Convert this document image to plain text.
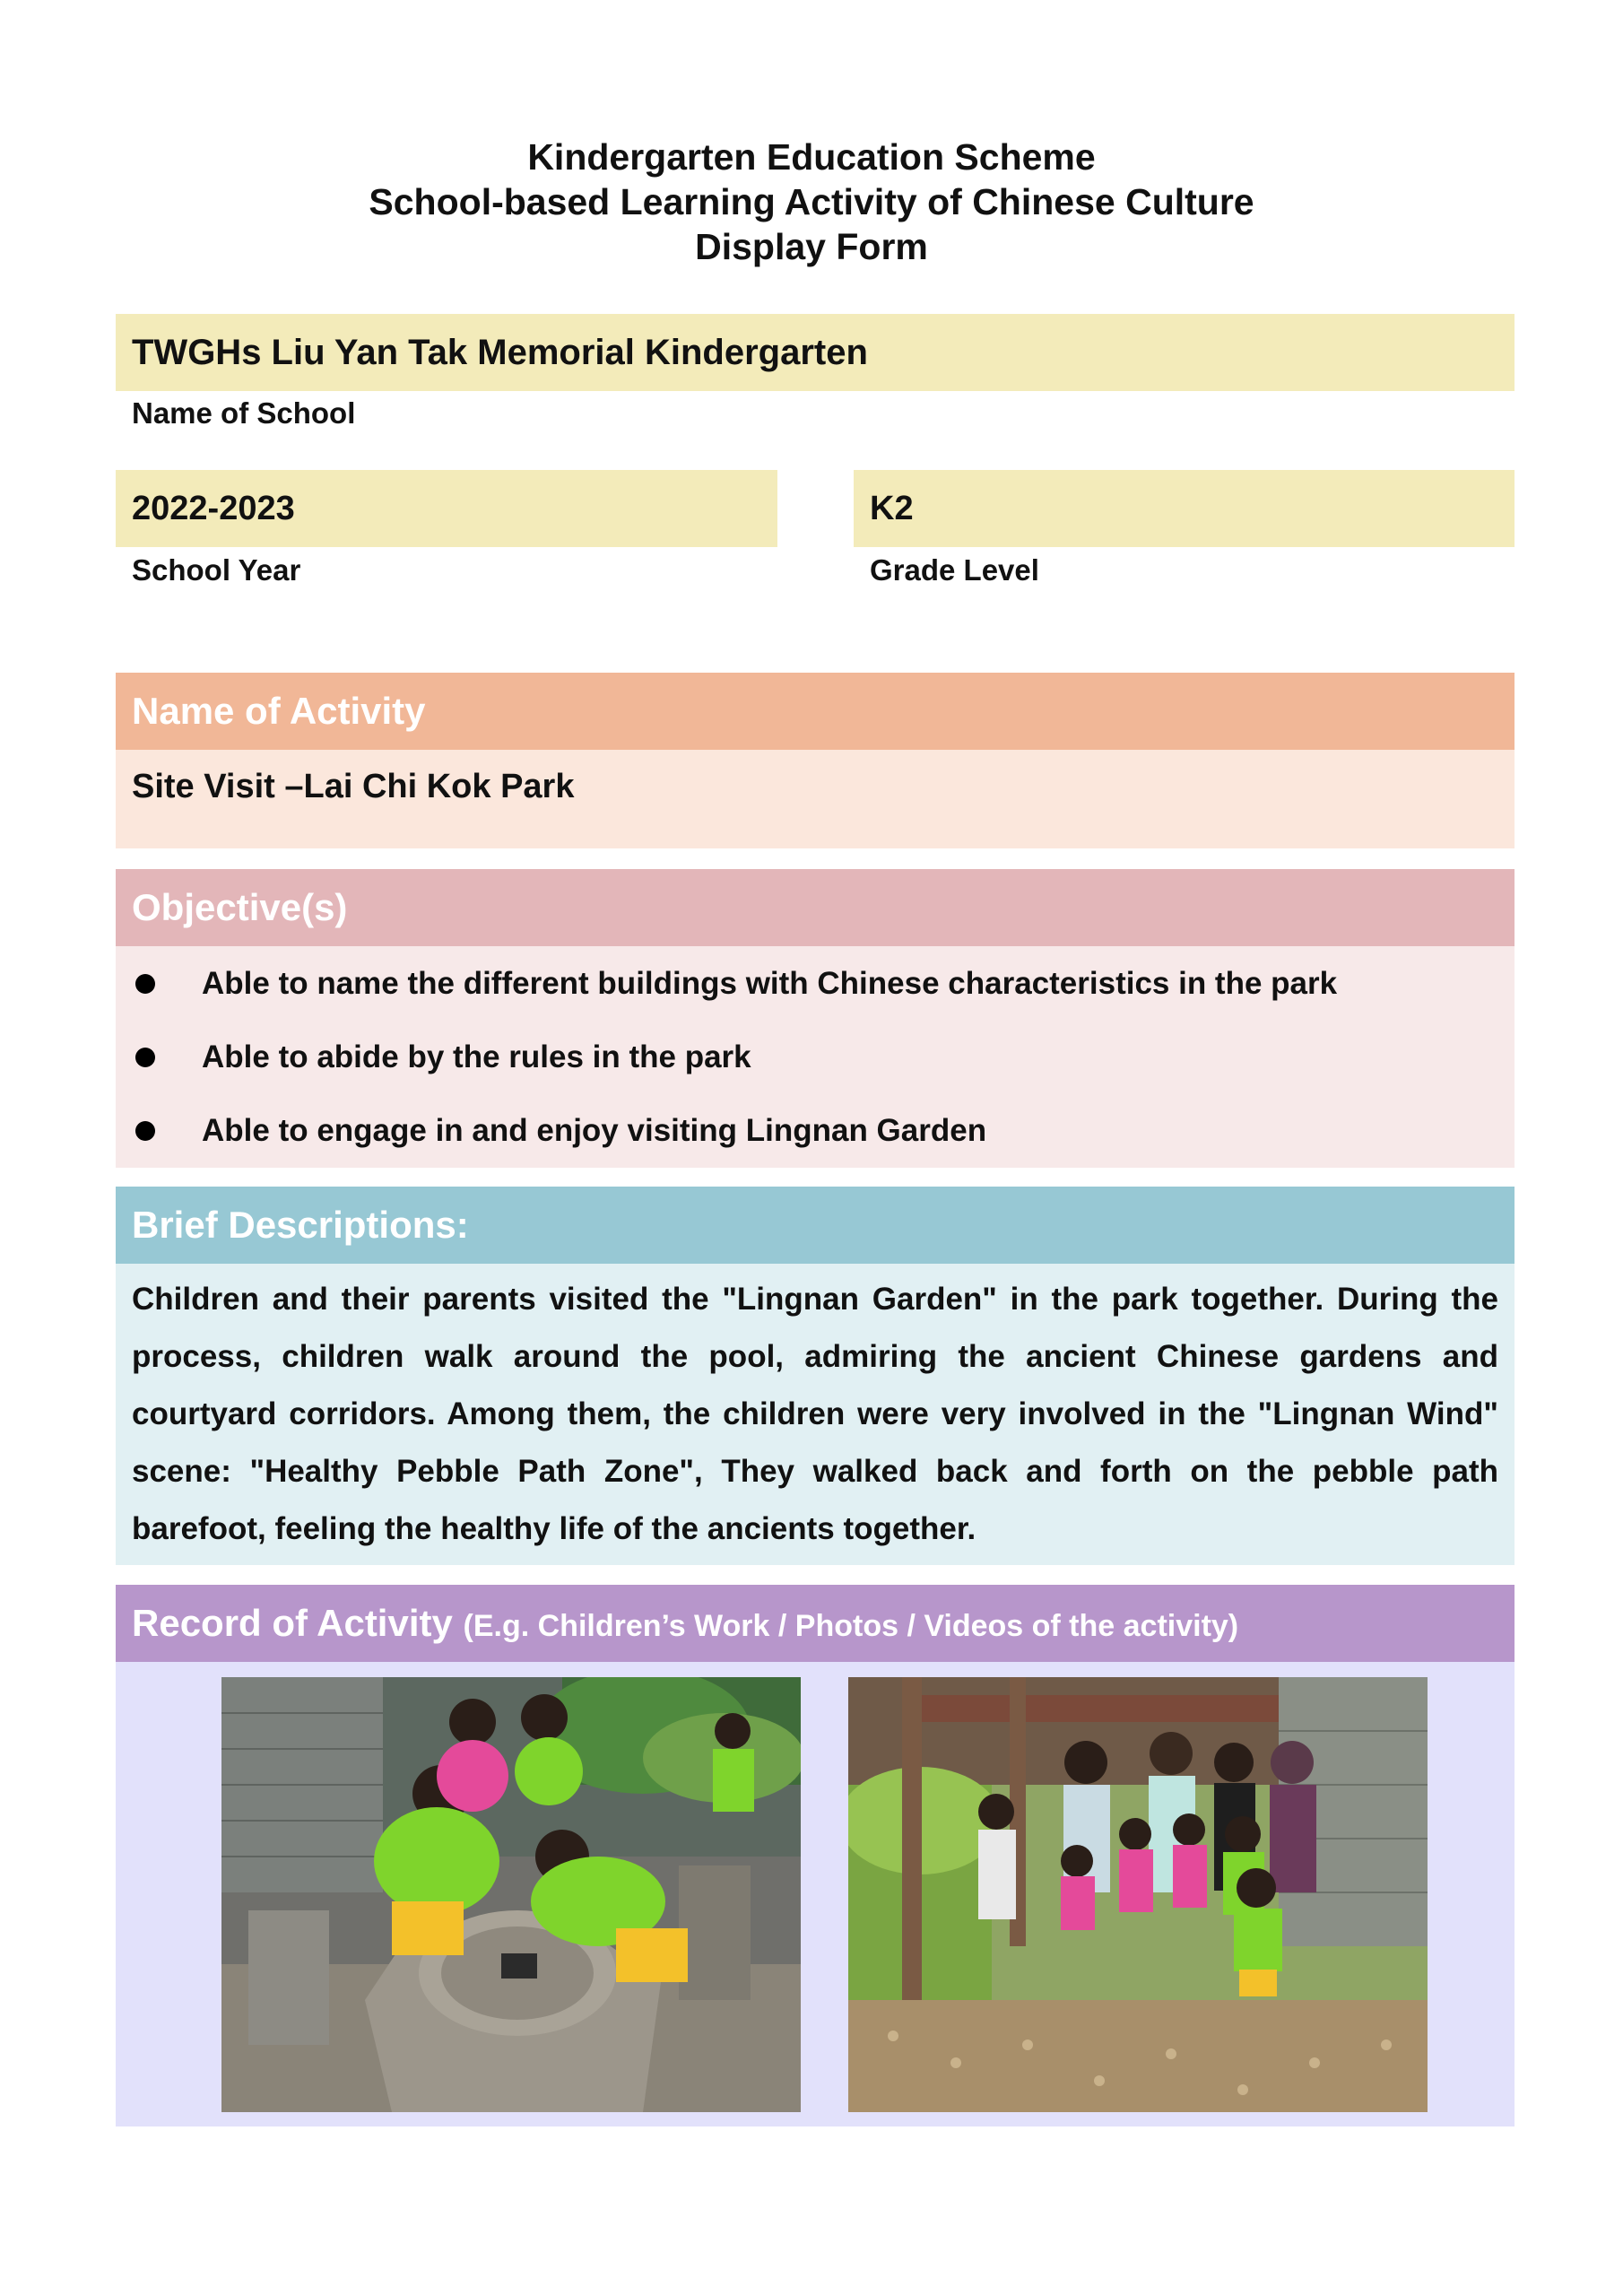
Kindergarten Education Scheme
School-based Learning Activity of Chinese Culture
Display Form
TWGHs Liu Yan Tak Memorial Kindergarten
Name of School
2022-2023
School Year
K2
Grade Level
Name of Activity
Site Visit –Lai Chi Kok Park
Objective(s)
Able to name the different buildings with Chinese characteristics in the park
Able to abide by the rules in the park
Able to engage in and enjoy visiting Lingnan Garden
Brief Descriptions:
Children and their parents visited the "Lingnan Garden" in the park together. During the process, children walk around the pool, admiring the ancient Chinese gardens and courtyard corridors. Among them, the children were very involved in the "Lingnan Wind" scene: "Healthy Pebble Path Zone", They walked back and forth on the pebble path barefoot, feeling the healthy life of the ancients together.
Record of Activity (E.g. Children’s Work / Photos / Videos of the activity)
